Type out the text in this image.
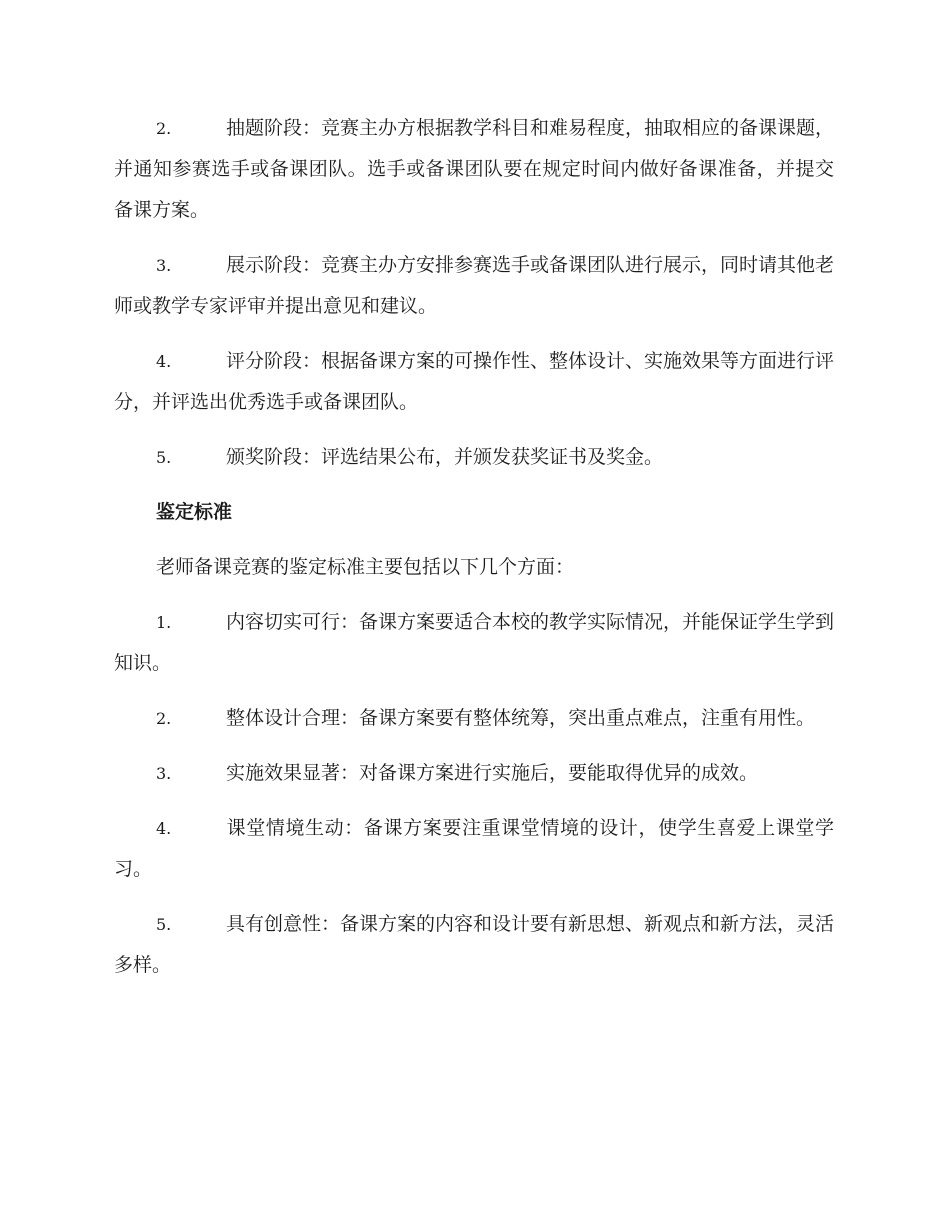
2.	抽题阶段：竞赛主办方根据教学科目和难易程度，抽取相应的备课课题，并通知参赛选手或备课团队。选手或备课团队要在规定时间内做好备课准备，并提交备课方案。

3.	展示阶段：竞赛主办方安排参赛选手或备课团队进行展示，同时请其他老师或教学专家评审并提出意见和建议。

4.	评分阶段：根据备课方案的可操作性、整体设计、实施效果等方面进行评分，并评选出优秀选手或备课团队。

5.	颁奖阶段：评选结果公布，并颁发获奖证书及奖金。

鉴定标准

老师备课竞赛的鉴定标准主要包括以下几个方面：

1.	内容切实可行：备课方案要适合本校的教学实际情况，并能保证学生学到知识。

2.	整体设计合理：备课方案要有整体统筹，突出重点难点，注重有用性。

3.	实施效果显著：对备课方案进行实施后，要能取得优异的成效。

4.	课堂情境生动：备课方案要注重课堂情境的设计，使学生喜爱上课堂学习。

5.	具有创意性：备课方案的内容和设计要有新思想、新观点和新方法，灵活多样。
